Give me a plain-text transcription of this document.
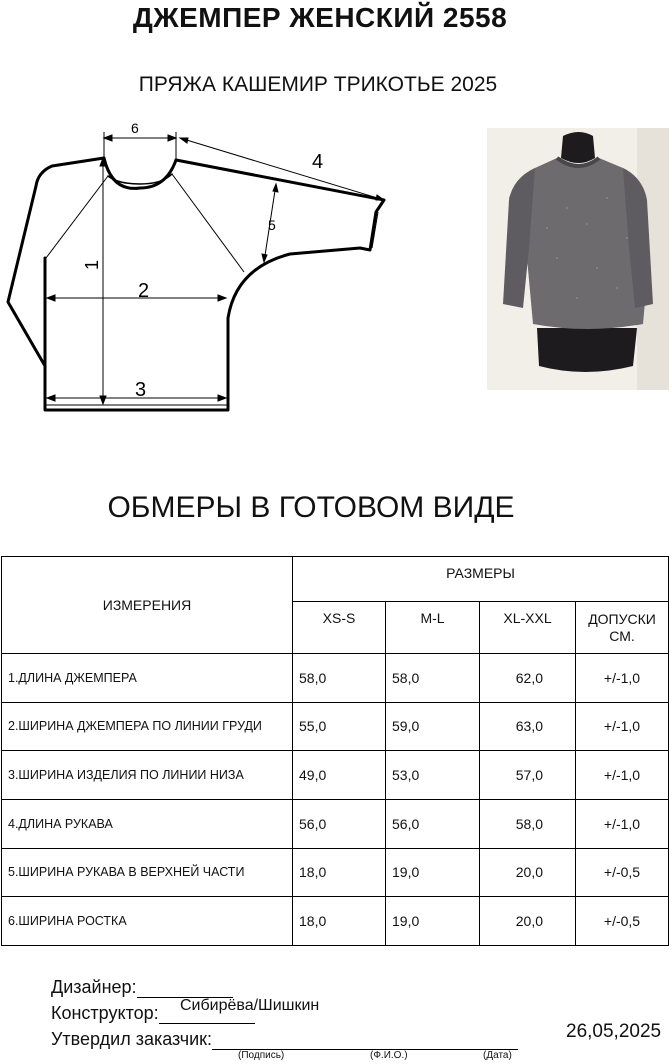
ДЖЕМПЕР ЖЕНСКИЙ 2558
ПРЯЖА КАШЕМИР ТРИКОТЬЕ 2025
1
2
3
4
5
6
ОБМЕРЫ В ГОТОВОМ ВИДЕ
ИЗМЕРЕНИЯ	РАЗМЕРЫ			
	XS-S	M-L	XL-XXL	ДОПУСКИ
СМ.
1.ДЛИНА ДЖЕМПЕРА	58,0	58,0	62,0	+/-1,0
2.ШИРИНА ДЖЕМПЕРА ПО ЛИНИИ ГРУДИ	55,0	59,0	63,0	+/-1,0
3.ШИРИНА ИЗДЕЛИЯ ПО ЛИНИИ НИЗА	49,0	53,0	57,0	+/-1,0
4.ДЛИНА РУКАВА	56,0	56,0	58,0	+/-1,0
5.ШИРИНА РУКАВА В ВЕРХНЕЙ ЧАСТИ	18,0	19,0	20,0	+/-0,5
6.ШИРИНА РОСТКА	18,0	19,0	20,0	+/-0,5
Дизайнер:
Конструктор:	Сибирёва/Шишкин
Утвердил заказчик:
(Подпись)	(Ф.И.О.)	(Дата)
26,05,2025
